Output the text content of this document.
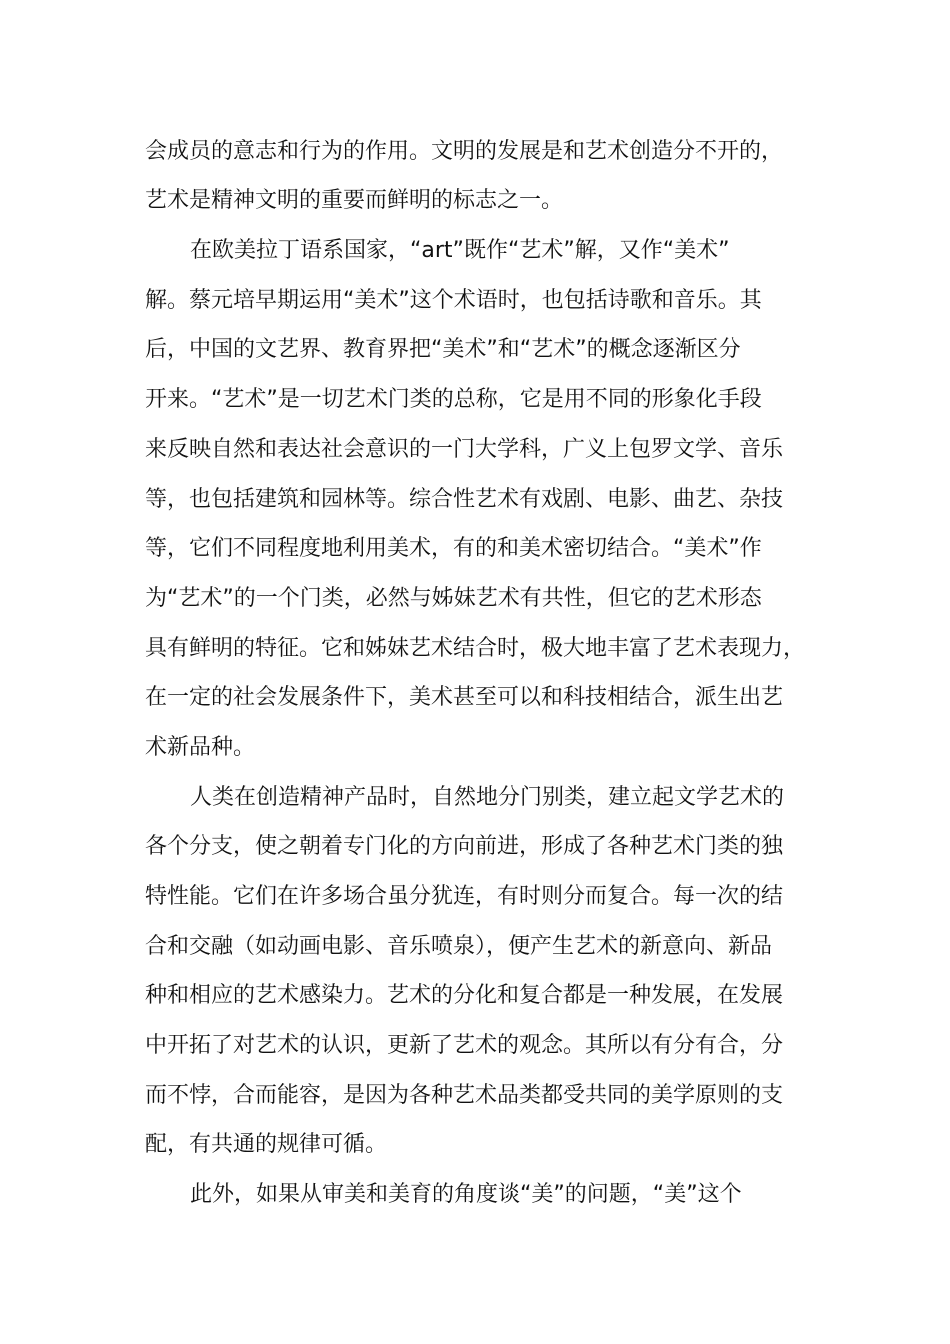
会成员的意志和行为的作用。文明的发展是和艺术创造分不开的，
艺术是精神文明的重要而鲜明的标志之一。
在欧美拉丁语系国家，“art”既作“艺术”解，又作“美术”
解。蔡元培早期运用“美术”这个术语时，也包括诗歌和音乐。其
后，中国的文艺界、教育界把“美术”和“艺术”的概念逐渐区分
开来。“艺术”是一切艺术门类的总称，它是用不同的形象化手段
来反映自然和表达社会意识的一门大学科，广义上包罗文学、音乐
等，也包括建筑和园林等。综合性艺术有戏剧、电影、曲艺、杂技
等，它们不同程度地利用美术，有的和美术密切结合。“美术”作
为“艺术”的一个门类，必然与姊妹艺术有共性，但它的艺术形态
具有鲜明的特征。它和姊妹艺术结合时，极大地丰富了艺术表现力，
在一定的社会发展条件下，美术甚至可以和科技相结合，派生出艺
术新品种。
人类在创造精神产品时，自然地分门别类，建立起文学艺术的
各个分支，使之朝着专门化的方向前进，形成了各种艺术门类的独
特性能。它们在许多场合虽分犹连，有时则分而复合。每一次的结
合和交融（如动画电影、音乐喷泉），便产生艺术的新意向、新品
种和相应的艺术感染力。艺术的分化和复合都是一种发展，在发展
中开拓了对艺术的认识，更新了艺术的观念。其所以有分有合，分
而不悖，合而能容，是因为各种艺术品类都受共同的美学原则的支
配，有共通的规律可循。
此外，如果从审美和美育的角度谈“美”的问题，“美”这个
